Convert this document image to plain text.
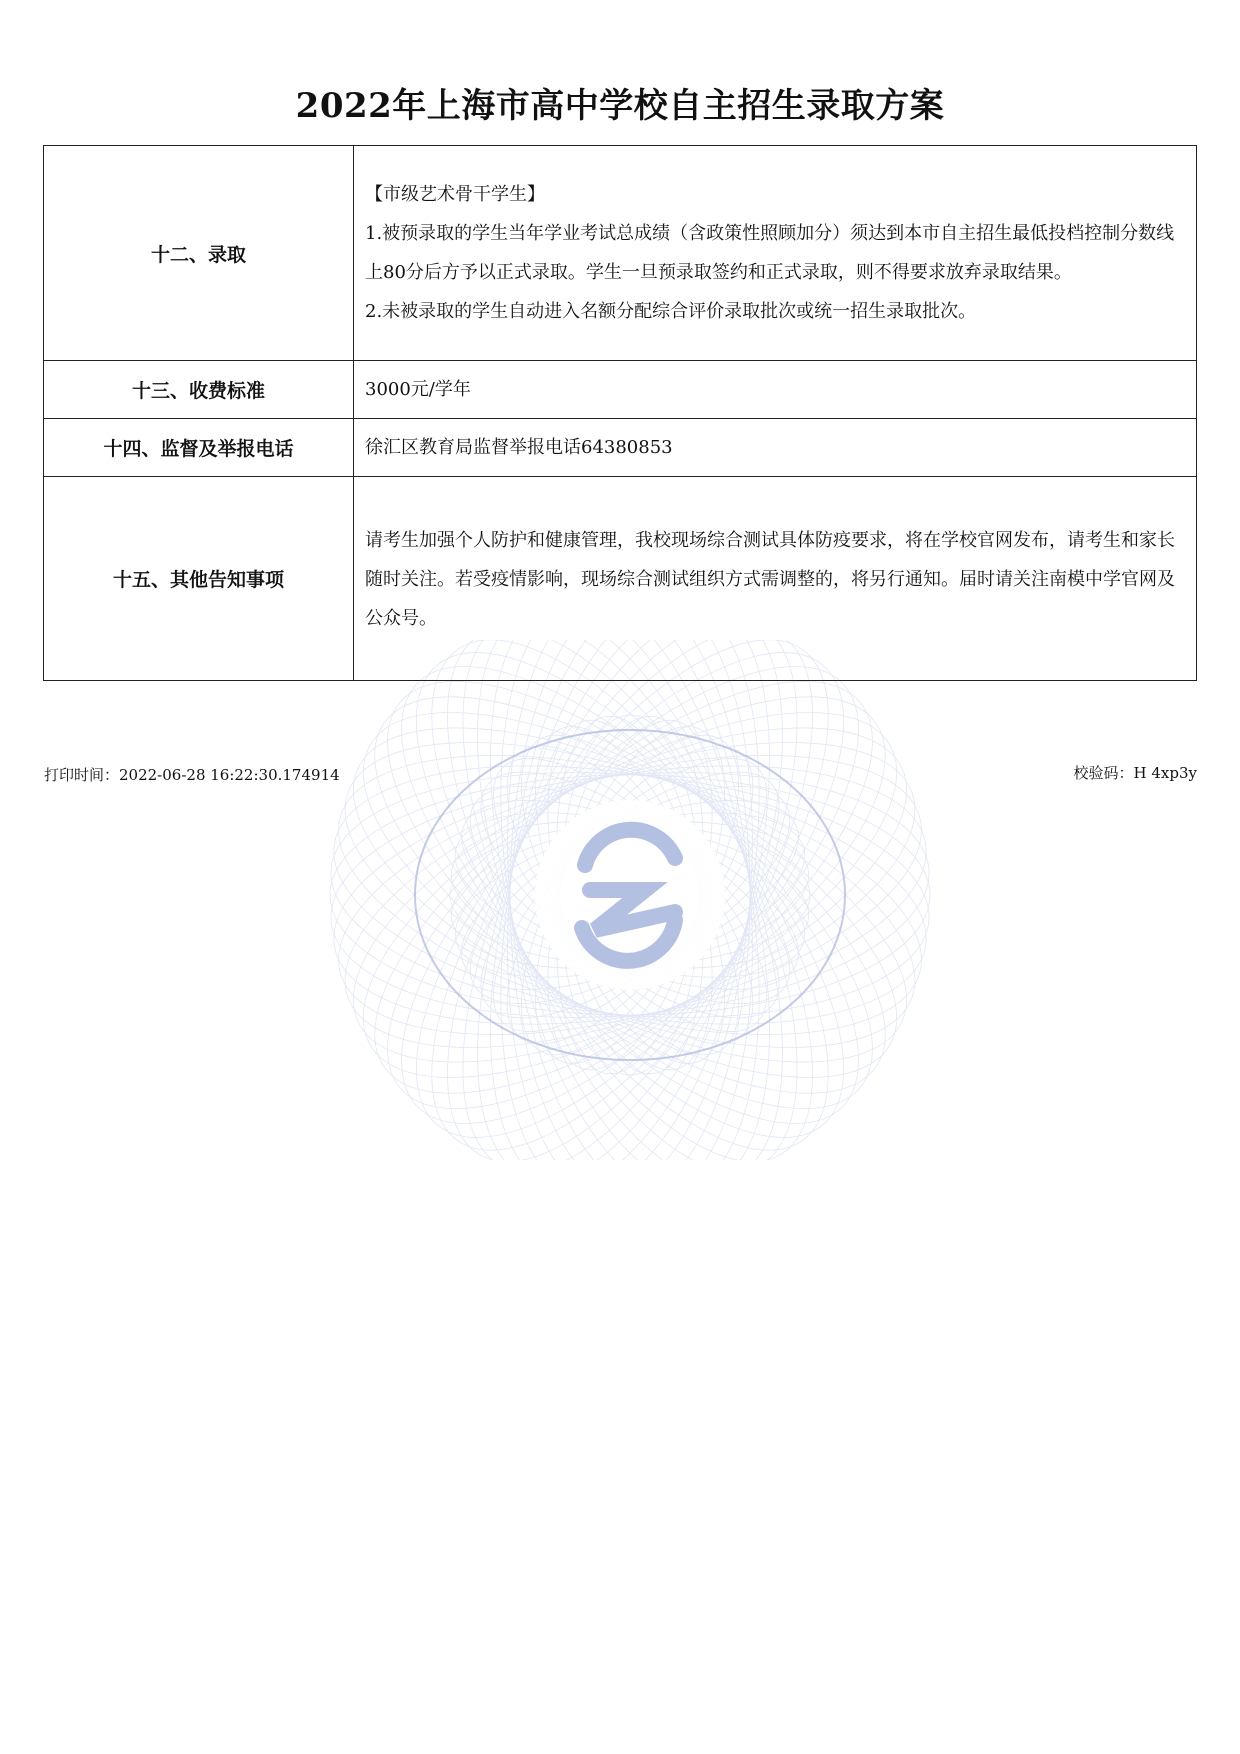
2022年上海市高中学校自主招生录取方案
十二、录取	【市级艺术骨干学生】

1.被预录取的学生当年学业考试总成绩（含政策性照顾加分）须达到本市自主招生最低投档控制分数线上80分后方予以正式录取。学生一旦预录取签约和正式录取，则不得要求放弃录取结果。

2.未被录取的学生自动进入名额分配综合评价录取批次或统一招生录取批次。

十三、收费标准	3000元/学年

十四、监督及举报电话	徐汇区教育局监督举报电话64380853

十五、其他告知事项	请考生加强个人防护和健康管理，我校现场综合测试具体防疫要求，将在学校官网发布，请考生和家长随时关注。若受疫情影响，现场综合测试组织方式需调整的，将另行通知。届时请关注南模中学官网及公众号。

打印时间：2022-06-28 16:22:30.174914	校验码：H 4xp3y
